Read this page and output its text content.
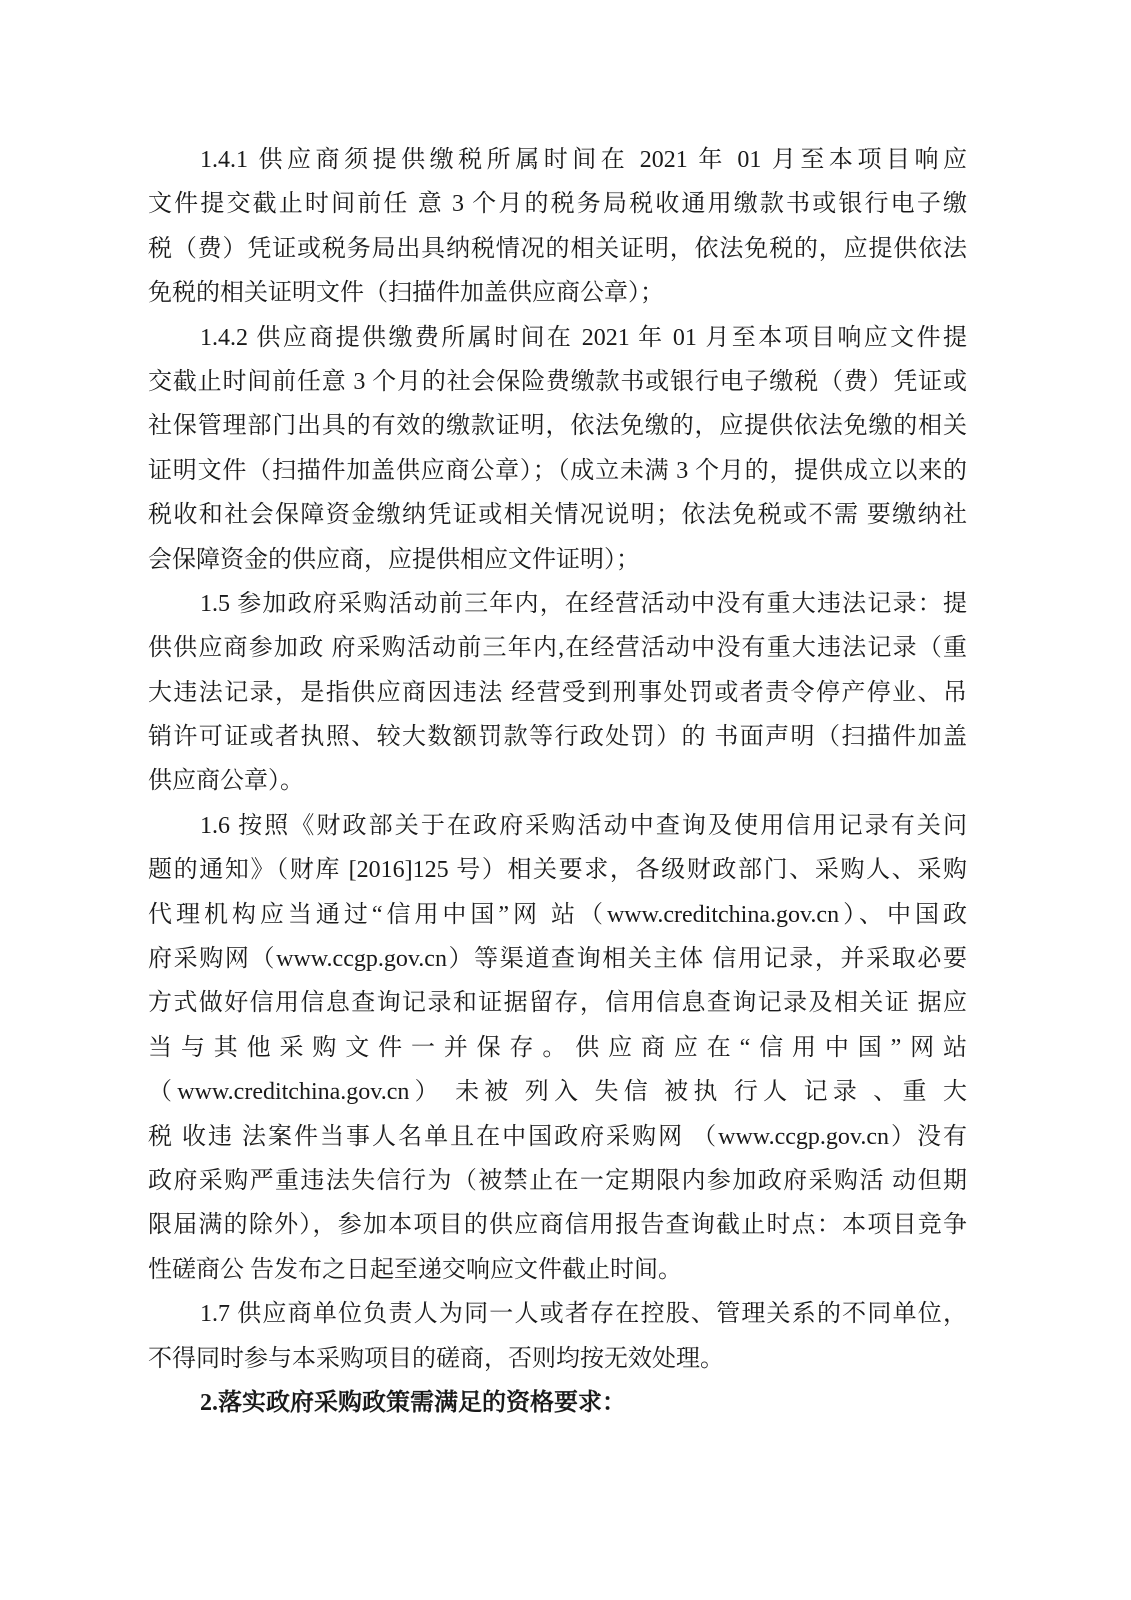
1.4.1 供应商须提供缴税所属时间在 2021 年 01 月至本项目响应
文件提交截止时间前任 意 3 个月的税务局税收通用缴款书或银行电子缴
税（费）凭证或税务局出具纳税情况的相关证明，依法免税的，应提供依法
免税的相关证明文件（扫描件加盖供应商公章）；
1.4.2 供应商提供缴费所属时间在 2021 年 01 月至本项目响应文件提
交截止时间前任意 3 个月的社会保险费缴款书或银行电子缴税（费）凭证或
社保管理部门出具的有效的缴款证明，依法免缴的，应提供依法免缴的相关
证明文件（扫描件加盖供应商公章）；（成立未满 3 个月的，提供成立以来的
税收和社会保障资金缴纳凭证或相关情况说明；依法免税或不需 要缴纳社
会保障资金的供应商，应提供相应文件证明）；
1.5 参加政府采购活动前三年内，在经营活动中没有重大违法记录：提
供供应商参加政 府采购活动前三年内,在经营活动中没有重大违法记录（重
大违法记录，是指供应商因违法 经营受到刑事处罚或者责令停产停业、吊
销许可证或者执照、较大数额罚款等行政处罚）的 书面声明（扫描件加盖
供应商公章）。
1.6 按照《财政部关于在政府采购活动中查询及使用信用记录有关问
题的通知》（财库 [2016]125 号）相关要求，各级财政部门、采购人、采购
代理机构应当通过“信用中国”网 站（www.creditchina.gov.cn）、中国政
府采购网（www.ccgp.gov.cn）等渠道查询相关主体 信用记录，并采取必要
方式做好信用信息查询记录和证据留存，信用信息查询记录及相关证 据应
当与其他采购文件一并保存。供应商应在“信用中国”网站
（www.creditchina.gov.cn） 未被 列入 失信 被执 行人 记录 、重 大
税 收违 法案件当事人名单且在中国政府采购网 （www.ccgp.gov.cn）没有
政府采购严重违法失信行为（被禁止在一定期限内参加政府采购活 动但期
限届满的除外），参加本项目的供应商信用报告查询截止时点：本项目竞争
性磋商公 告发布之日起至递交响应文件截止时间。
1.7 供应商单位负责人为同一人或者存在控股、管理关系的不同单位，
不得同时参与本采购项目的磋商，否则均按无效处理。
2.落实政府采购政策需满足的资格要求：
